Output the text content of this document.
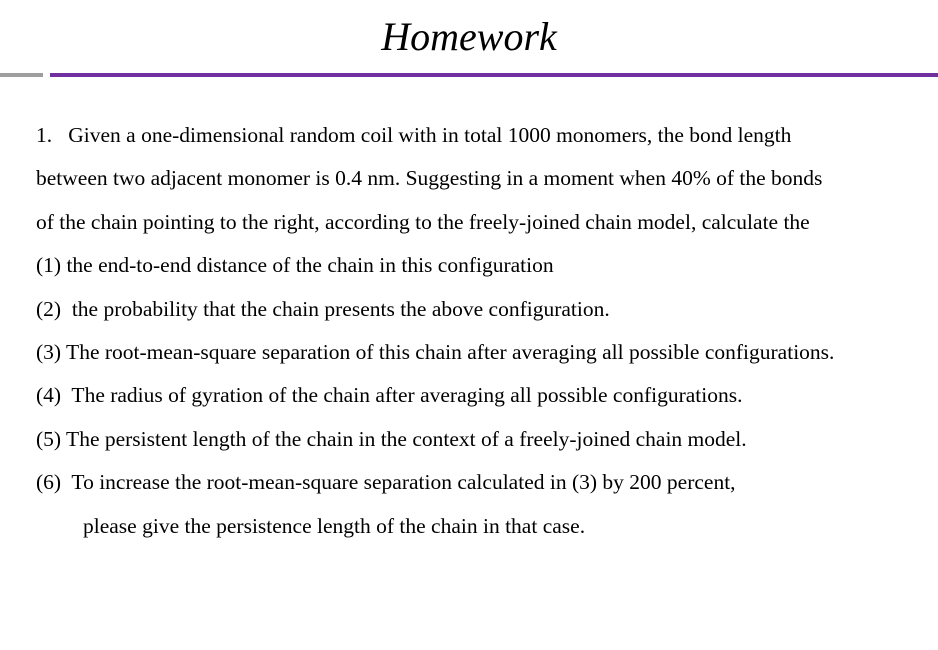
Homework
1.   Given a one-dimensional random coil with in total 1000 monomers, the bond length
between two adjacent monomer is 0.4 nm. Suggesting in a moment when 40% of the bonds
of the chain pointing to the right, according to the freely-joined chain model, calculate the
(1) the end-to-end distance of the chain in this configuration
(2)  the probability that the chain presents the above configuration.
(3) The root-mean-square separation of this chain after averaging all possible configurations.
(4)  The radius of gyration of the chain after averaging all possible configurations.
(5) The persistent length of the chain in the context of a freely-joined chain model.
(6)  To increase the root-mean-square separation calculated in (3) by 200 percent,
please give the persistence length of the chain in that case.
